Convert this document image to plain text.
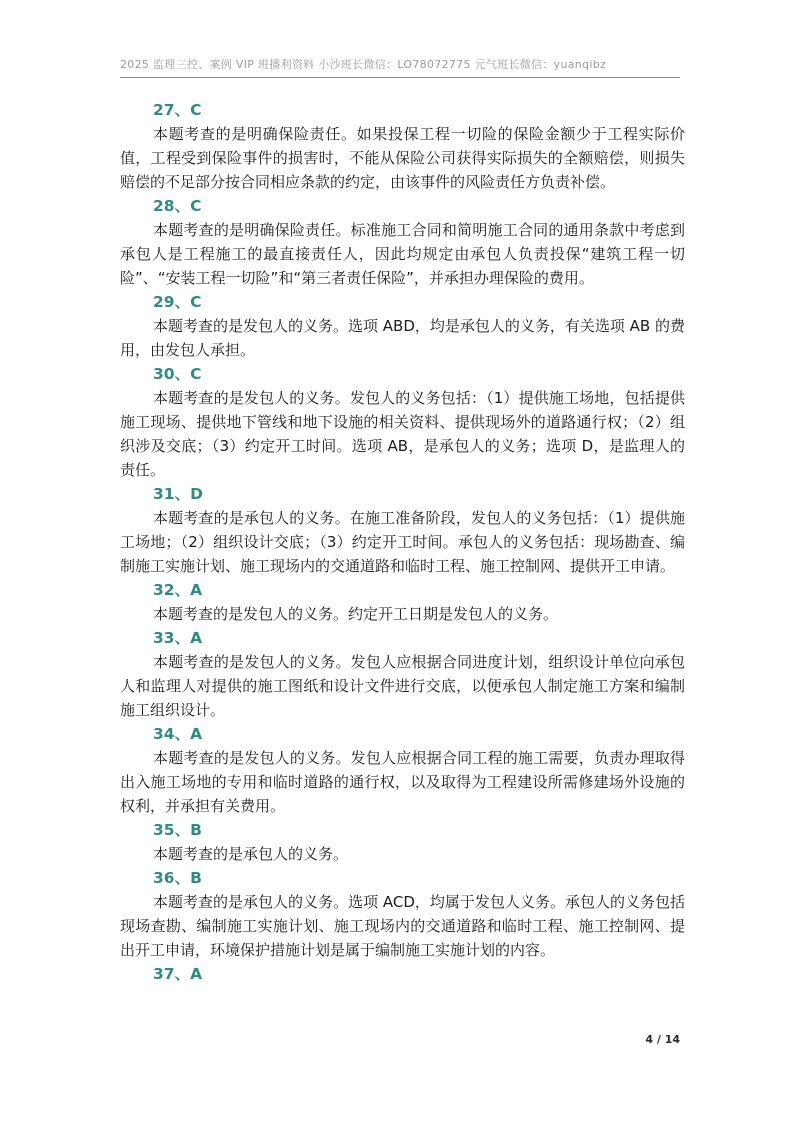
2025 监理三控、案例 VIP 班播利资料 小沙班长微信：LO78072775 元气班长微信：yuanqibz

27、C

本题考查的是明确保险责任。如果投保工程一切险的保险金额少于工程实际价值，工程受到保险事件的损害时，不能从保险公司获得实际损失的全额赔偿，则损失赔偿的不足部分按合同相应条款的约定，由该事件的风险责任方负责补偿。

28、C

本题考查的是明确保险责任。标准施工合同和简明施工合同的通用条款中考虑到承包人是工程施工的最直接责任人，因此均规定由承包人负责投保“建筑工程一切险”、“安装工程一切险”和“第三者责任保险”，并承担办理保险的费用。

29、C

本题考查的是发包人的义务。选项 ABD，均是承包人的义务，有关选项 AB 的费用，由发包人承担。

30、C

本题考查的是发包人的义务。发包人的义务包括：（1）提供施工场地，包括提供施工现场、提供地下管线和地下设施的相关资料、提供现场外的道路通行权；（2）组织涉及交底；（3）约定开工时间。选项 AB，是承包人的义务；选项 D，是监理人的责任。

31、D

本题考查的是承包人的义务。在施工准备阶段，发包人的义务包括：（1）提供施工场地；（2）组织设计交底；（3）约定开工时间。承包人的义务包括：现场勘查、编制施工实施计划、施工现场内的交通道路和临时工程、施工控制网、提供开工申请。

32、A

本题考查的是发包人的义务。约定开工日期是发包人的义务。

33、A

本题考查的是发包人的义务。发包人应根据合同进度计划，组织设计单位向承包人和监理人对提供的施工图纸和设计文件进行交底，以便承包人制定施工方案和编制施工组织设计。

34、A

本题考查的是发包人的义务。发包人应根据合同工程的施工需要，负责办理取得出入施工场地的专用和临时道路的通行权，以及取得为工程建设所需修建场外设施的权利，并承担有关费用。

35、B

本题考查的是承包人的义务。

36、B

本题考查的是承包人的义务。选项 ACD，均属于发包人义务。承包人的义务包括现场查勘、编制施工实施计划、施工现场内的交通道路和临时工程、施工控制网、提出开工申请，环境保护措施计划是属于编制施工实施计划的内容。

37、A

4 / 14
